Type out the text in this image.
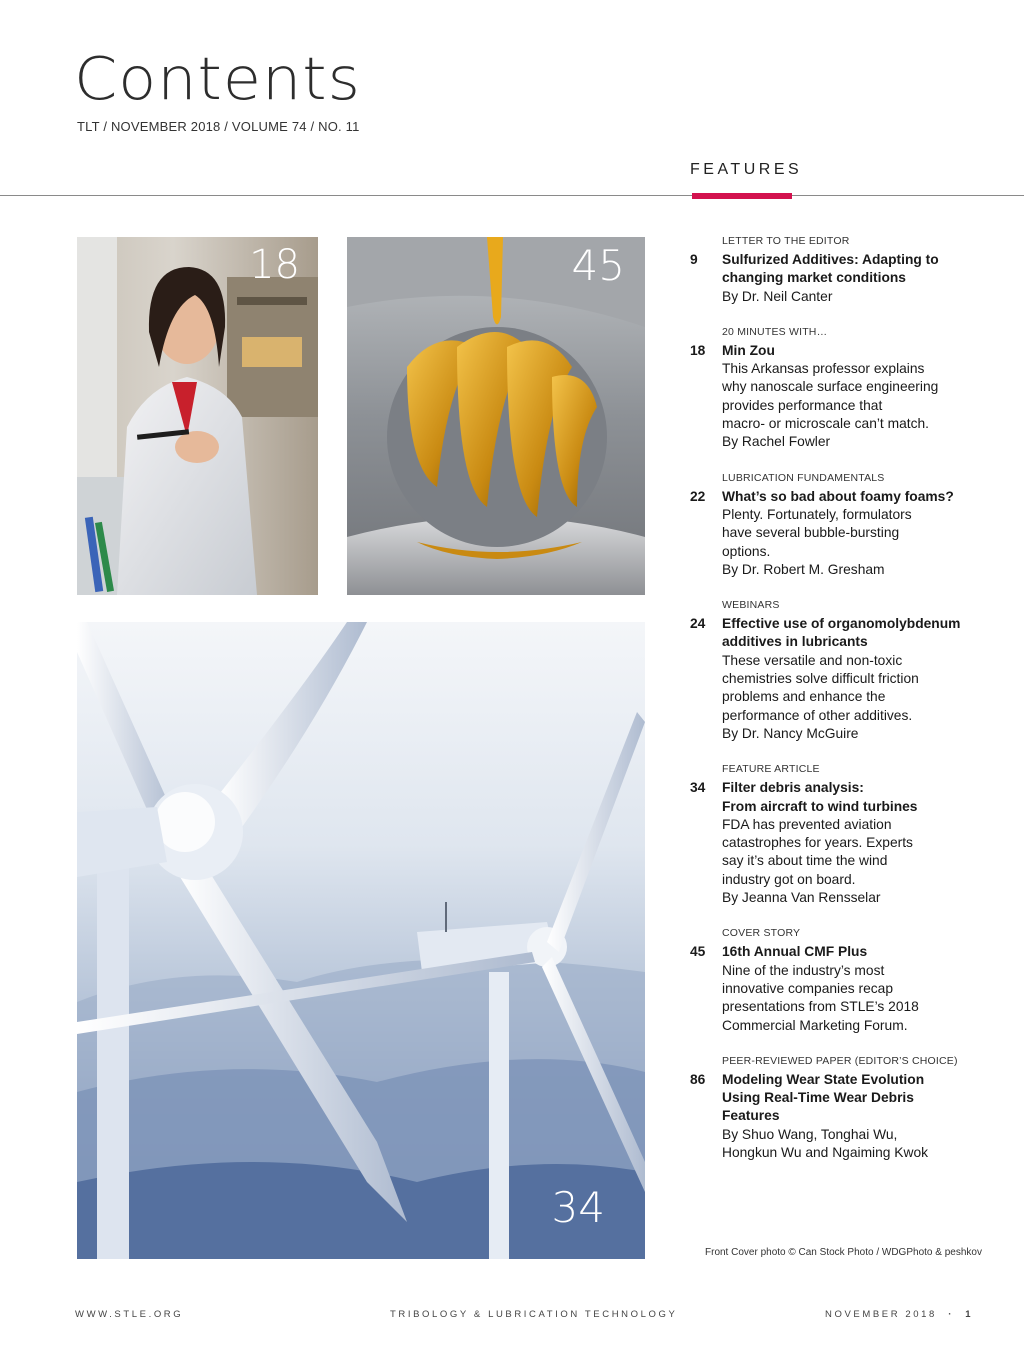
Contents
TLT / NOVEMBER 2018 / VOLUME 74 / NO. 11
FEATURES
18	45
34
LETTER TO THE EDITOR
9	Sulfurized Additives: Adapting to
changing market conditions
By Dr. Neil Canter
20 MINUTES WITH…
18	Min Zou
This Arkansas professor explains
why nanoscale surface engineering
provides performance that
macro- or microscale can’t match.
By Rachel Fowler
LUBRICATION FUNDAMENTALS
22	What’s so bad about foamy foams?
Plenty. Fortunately, formulators
have several bubble-bursting
options.
By Dr. Robert M. Gresham
WEBINARS
24	Effective use of organomolybdenum
additives in lubricants
These versatile and non-toxic
chemistries solve difficult friction
problems and enhance the
performance of other additives.
By Dr. Nancy McGuire
FEATURE ARTICLE
34	Filter debris analysis:
From aircraft to wind turbines
FDA has prevented aviation
catastrophes for years. Experts
say it’s about time the wind
industry got on board.
By Jeanna Van Rensselar
COVER STORY
45	16th Annual CMF Plus
Nine of the industry’s most
innovative companies recap
presentations from STLE’s 2018
Commercial Marketing Forum.
PEER-REVIEWED PAPER (EDITOR’S CHOICE)
86	Modeling Wear State Evolution
Using Real-Time Wear Debris
Features
By Shuo Wang, Tonghai Wu,
Hongkun Wu and Ngaiming Kwok
Front Cover photo © Can Stock Photo / WDGPhoto & peshkov
WWW.STLE.ORG	TRIBOLOGY & LUBRICATION TECHNOLOGY	NOVEMBER 2018 · 1
